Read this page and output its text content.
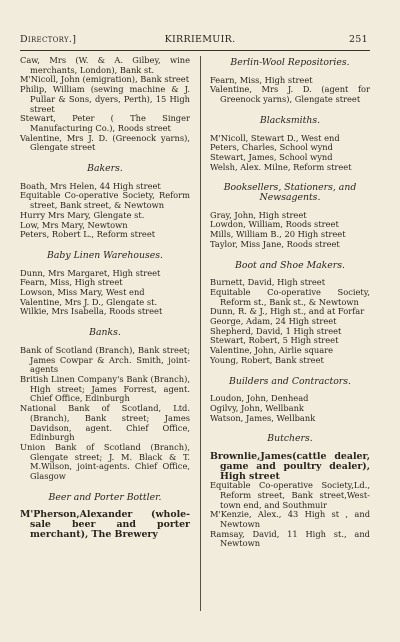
Directory.]	KIRRIEMUIR.	251
Caw, Mrs (W. & A. Gilbey, wine merchants, London), Bank st.
M'Nicoll, John (emigration), Bank street
Philip, William (sewing machine & J. Pullar & Sons, dyers, Perth), 15 High street
Stewart, Peter ( The Singer Manufacturing Co.), Roods street
Valentine, Mrs J. D. (Greenock yarns), Glengate street
Bakers.
Boath, Mrs Helen, 44 High street
Equitable Co-operative Society, Reform street, Bank street, & Newtown
Hurry Mrs Mary, Glengate st.
Low, Mrs Mary, Newtown
Peters, Robert L., Reform street
Baby Linen Warehouses.
Dunn, Mrs Margaret, High street
Fearn, Miss, High street
Lowson, Miss Mary, West end
Valentine, Mrs J. D., Glengate st.
Wilkie, Mrs Isabella, Roods street
Banks.
Bank of Scotland (Branch), Bank street; James Cowpar & Arch. Smith, joint-agents
British Linen Company's Bank (Branch), High street; James Forrest, agent. Chief Office, Edinburgh
National Bank of Scotland, Ltd. (Branch), Bank street; James Davidson, agent. Chief Office, Edinburgh
Union Bank of Scotland (Branch), Glengate street; J. M. Black & T. M.Wilson, joint-agents. Chief Office, Glasgow
Beer and Porter Bottler.
M'Pherson,Alexander (whole-sale beer and porter merchant), The Brewery
Berlin-Wool Repositories.
Fearn, Miss, High street
Valentine, Mrs J. D. (agent for Greenock yarns), Glengate street
Blacksmiths.
M'Nicoll, Stewart D., West end
Peters, Charles, School wynd
Stewart, James, School wynd
Welsh, Alex. Milne, Reform street
Booksellers, Stationers, and Newsagents.
Gray, John, High street
Lowdon, William, Roods street
Mills, William B., 20 High street
Taylor, Miss Jane, Roods street
Boot and Shoe Makers.
Burnett, David, High street
Equitable Co-operative Society, Reform st., Bank st., & Newtown
Dunn, R. & J., High st., and at Forfar
George, Adam, 24 High street
Shepherd, David, 1 High street
Stewart, Robert, 5 High street
Valentine, John, Airlie square
Young, Robert, Bank street
Builders and Contractors.
Loudon, John, Denhead
Ogilvy, John, Wellbank
Watson, James, Wellbank
Butchers.
Brownlie,James(cattle dealer, game and poultry dealer), High street
Equitable Co-operative Society,Ld., Reform street, Bank street,West-town end, and Southmuir
M'Kenzie, Alex., 43 High st , and Newtown
Ramsay, David, 11 High st., and Newtown
